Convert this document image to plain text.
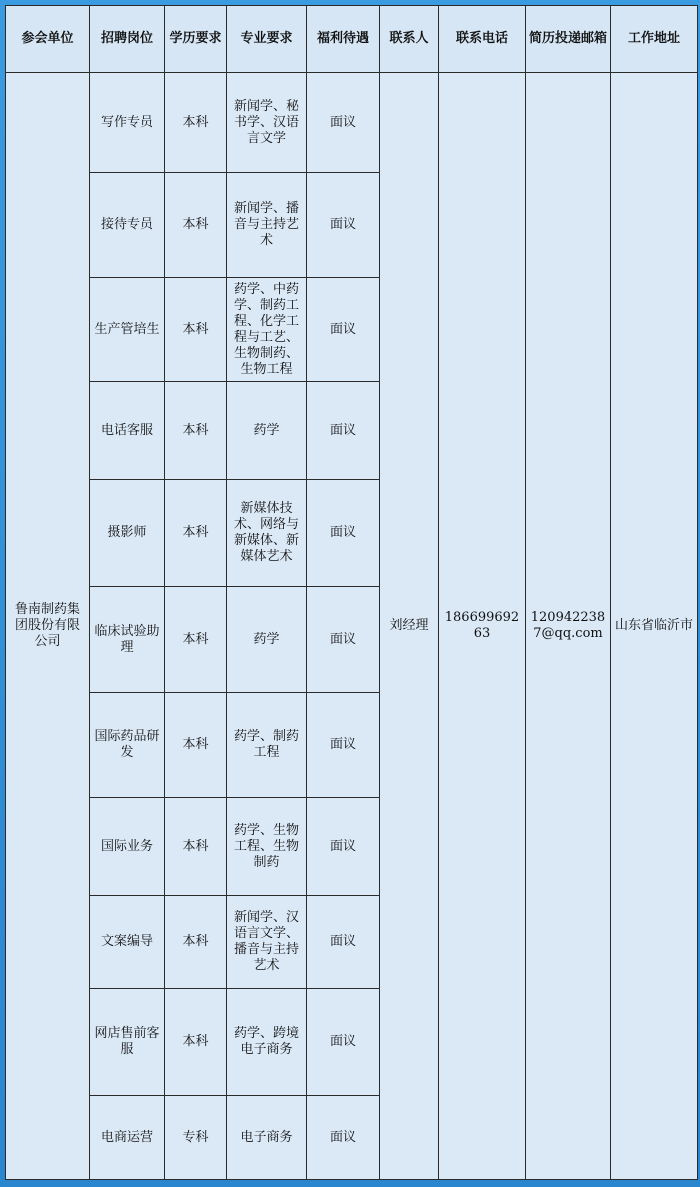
参会单位	招聘岗位	学历要求	专业要求	福利待遇	联系人	联系电话	简历投递邮箱	工作地址
鲁南制药集团股份有限公司	写作专员	本科	新闻学、秘书学、汉语言文学	面议	刘经理	18669969263	1209422387@qq.com	山东省临沂市
	接待专员	本科	新闻学、播音与主持艺术	面议				
	生产管培生	本科	药学、中药学、制药工程、化学工程与工艺、生物制药、生物工程	面议				
	电话客服	本科	药学	面议				
	摄影师	本科	新媒体技术、网络与新媒体、新媒体艺术	面议				
	临床试验助理	本科	药学	面议				
	国际药品研发	本科	药学、制药工程	面议				
	国际业务	本科	药学、生物工程、生物制药	面议				
	文案编导	本科	新闻学、汉语言文学、播音与主持艺术	面议				
	网店售前客服	本科	药学、跨境电子商务	面议				
	电商运营	专科	电子商务	面议				
